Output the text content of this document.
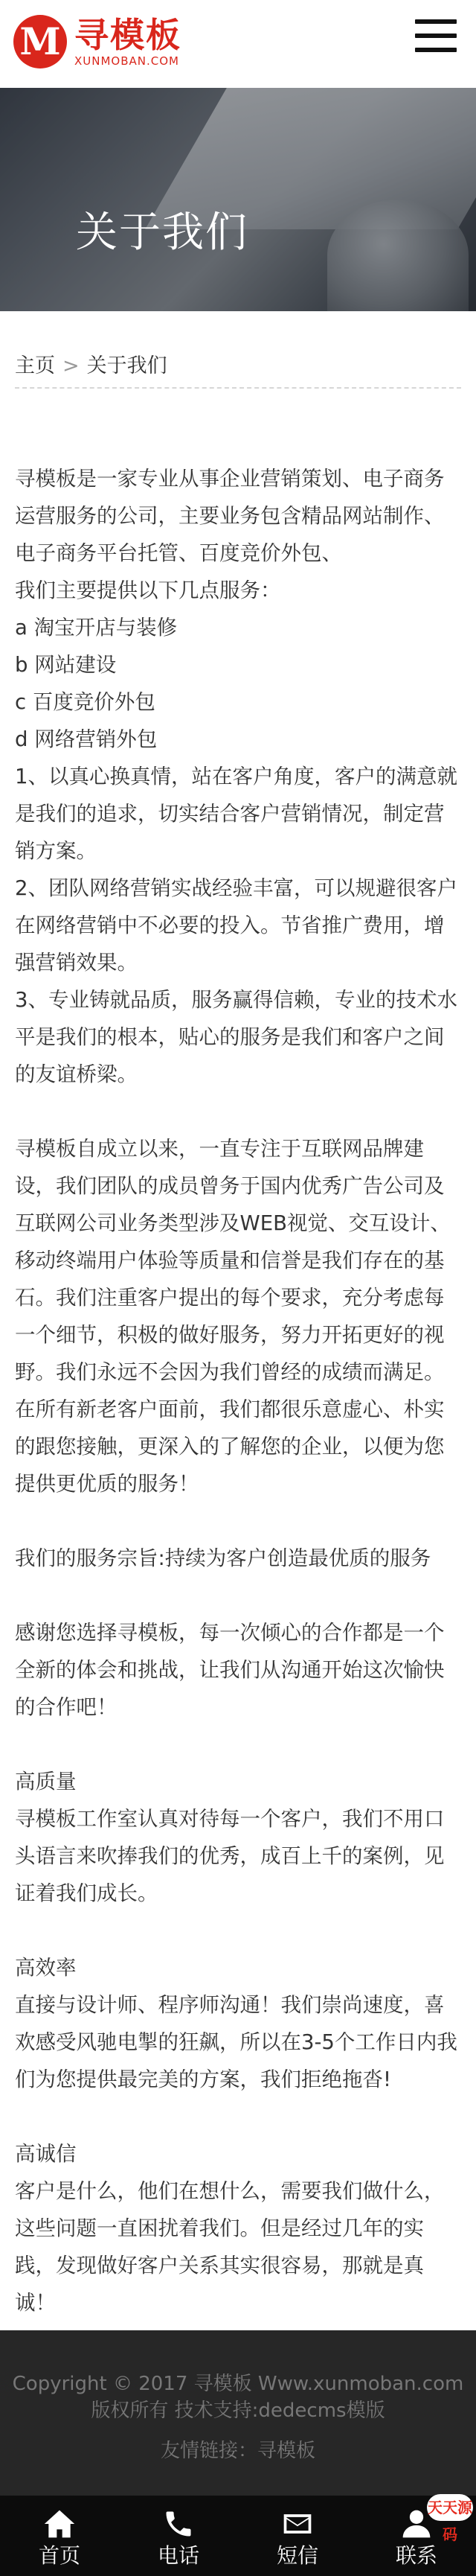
M 寻模板
XUNMOBAN.COM
关于我们
主页 > 关于我们

寻模板是一家专业从事企业营销策划、电子商务运营服务的公司，主要业务包含精品网站制作、电子商务平台托管、百度竞价外包、

我们主要提供以下几点服务：

a 淘宝开店与装修

b 网站建设

c 百度竞价外包

d 网络营销外包

1、以真心换真情，站在客户角度，客户的满意就是我们的追求，切实结合客户营销情况，制定营销方案。

2、团队网络营销实战经验丰富，可以规避很客户在网络营销中不必要的投入。节省推广费用，增强营销效果。

3、专业铸就品质，服务赢得信赖，专业的技术水平是我们的根本，贴心的服务是我们和客户之间的友谊桥梁。

寻模板自成立以来，一直专注于互联网品牌建设，我们团队的成员曾务于国内优秀广告公司及互联网公司业务类型涉及WEB视觉、交互设计、移动终端用户体验等质量和信誉是我们存在的基石。我们注重客户提出的每个要求，充分考虑每一个细节，积极的做好服务，努力开拓更好的视野。我们永远不会因为我们曾经的成绩而满足。在所有新老客户面前，我们都很乐意虚心、朴实的跟您接触，更深入的了解您的企业，以便为您提供更优质的服务！

我们的服务宗旨:持续为客户创造最优质的服务

感谢您选择寻模板，每一次倾心的合作都是一个全新的体会和挑战，让我们从沟通开始这次愉快的合作吧！

高质量

寻模板工作室认真对待每一个客户，我们不用口头语言来吹捧我们的优秀，成百上千的案例，见证着我们成长。

高效率

直接与设计师、程序师沟通！我们崇尚速度，喜欢感受风驰电掣的狂飙，所以在3-5个工作日内我们为您提供最完美的方案，我们拒绝拖沓!

高诚信

客户是什么，他们在想什么，需要我们做什么，这些问题一直困扰着我们。但是经过几年的实践，发现做好客户关系其实很容易，那就是真诚！

Copyright © 2017 寻模板 Www.xunmoban.com
版权所有 技术支持:dedecms模版
友情链接：寻模板
首页	电话	短信	联系
天天源码
